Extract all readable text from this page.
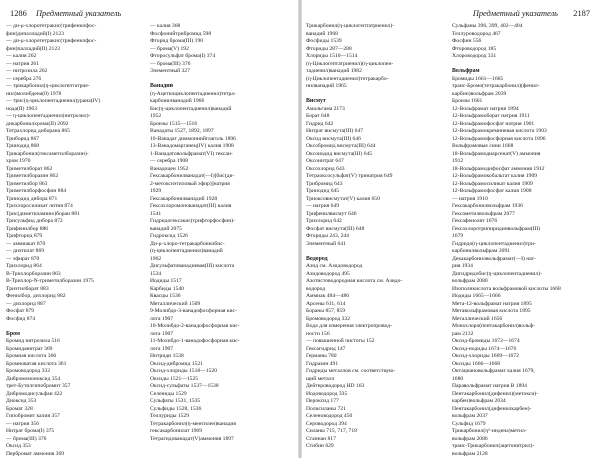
1286 Предметный указатель
— ди-μ-хлоротетракис(трифенилфос-
фин)дипалладий(I) 2123
— ди-μ-хлоротетракис(трифенилфос-
фин)палладий(II) 2123
— калия 262
— натрия 261
— нитрозила 262
— серебра 276
— трикарбонил(η-циклогептатрие-
нил)молибдена(0) 1978
— трис(η-циклопентадиенил)урана(IV)
иода(II) 1963
— η-циклопентадиенил(нитрозил)-
дикарбонилхрома(II) 2092
Тетрахлорид диборана 865
Триборид 867
Трииодид 868
Трикарбонил(гексаметилборазин)-
хром 1970
Триметилборат 862
Триметилборазин 862
Триметилбор 863
Триметилборфосфин 884
Трииодид дибора 871
Трихлоросиликат лития 874
Трис(диметиламино)боран 881
Трисульфид дибора 872
Трифенилбор 886
Трифторид 879
— аммиакат 870
— диэтилат 869
— эфират 870
Трихлорид 864
В-Трихлорборазин 863
В-Трихлор-N-триметилборазин 1975
Триэтилборат 883
Фенилбор, дихлорид 882
— дихлорид 887
Фосфат 879
Фосфид 874
Бром
Бромид нитрозила 516
Бромиданитрат 369
Бромная кислота 366
Бромноватая кислота 361
Бромоводород 332
Дибромомоноксид 354
трет-Бутилгипобромит 357
Дибромодисульфан 422
Диоксид 353
Бромат 328
Гипобромит калия 357
— натрия 356
Нитрат брома(I) 375
— брома(III) 376
Оксид 353
Пербромат аммония 369
— калия 368
Фосфонийтрибромид 598
Фторид брома(III) 190
— брома(V) 192
Фторосульфат брома(I) 374
— брома(III) 376
Элементный 327
Ванадий
(η-Ацетилциклопентадиенил)тетра-
карбонилванадий 1966
Бис(η-циклопентадиенил)ванадий
1952
Бронзы 1515—1516
Ванадаты 1527, 1892, 1897
10-Ванадат диммоннийглаголь 1896
13-Ванадомарганец(IV) калия 1908
1-Ванадатовольфрамат(VI) гексан-
— серебра 1908
Ванадоцен 1952
Гексакарбонилванадат(—I)[бис(ди-
2-метоксиэтиловый эфир)]натрия
1929
Гексакарбонилванадий 1928
Гексахлоромонованадат(III) калия
1541
Гидридогексакис(трифторфосфин)-
ванадий 2075
Гидроксид 1526
Ди-μ-хлоро-тетракарбонилбис-
(η-циклопентадиенил)ванадий
1962
Дисульфатованадиевая(III) кислота
1534
Иодиды 1517
Карбиды 1540
Квасцы 1536
Металлический 1509
9-Молибдо-3-ванадофосфорная кис-
лота 1907
10-Молибдо-2-ванадофосфорная кис-
лота 1907
11-Молибдо-1-ванадофосфорная кис-
лота 1907
Нитридн 1538
Оксид-дибромид 1521
Оксид-хлориды 1518—1520
Оксиды 1521—1525
Оксид-сульфаты 1537—1538
Селениды 1529
Сульфаты 1531, 1535
Сульфиды 1528, 1536
Теллуриды 1529
Тетракарбонил(η-ментилен)ванадия
гексакарбонилат 1969
Тетрагидованадат(V)аммония 1897
Предметный указатель 2187
Трикарбонил(η-циклогептатриенил)-
ванадий 1968
Фосфиды 1539
Фториды 287—288
Хлориды 1510—1514
(η-Циклогептатриенил)(η-циклопен-
тадиенил)ванадий 1982
(η-Циклопентадиенил)тетракарбо-
нилванадий 1965
Висмут
Амальгама 2173
Борат 648
Гидрид 642
Нитрат висмута(III) 647
Оксид висмута(III) 646
Оксобромид висмута(III) 644
Оксоиодид висмута(III) 645
Оксонитрат 647
Оксохлорид 643
Тетраоксосульфат(V) тринатрия 649
Трибромид 643
Трииодид 645
Триоксовисмутат(V) калия 650
— натрия 649
Трифенилвисмут 646
Трихлорид 642
Фосфат висмута(III) 648
Фториды 243, 244
Элементный 641
Водород
Азид см. Азидоводород
Азидоводород 495
Азотистоводородная кислота см. Азидо-
водород
Аммиак 484—486
Арсены 611, 614
Бораны 857, 859
Бромоводород 332
Вода для измерения электропровод-
ности 156
— повышенной чистоты 152
Гексагидрид 147
Германы 780
Гидразин 491
Гидриды металлов см. соответствую-
щий металл
Дейтероводород HD 163
Иодоводород 335
Пероксид 177
Полисиланы 721
Селеноводород 450
Сероводород 394
Силаны 715, 717, 718
Станнан 817
Стибин 629
Сульфаны 396, 399, 402—404
Теллуроводород 467
Фосфин 556
Фтороводород 185
Хлороводород 331
Вольфрам
Бромиды 1661—1665
транс-Бромо(тетракарбонил)(фенил-
карбин)вольфрам 2039
Бронзы 1661
12-Вольфрамат натрия 1894
12-Вольфрамоборат натрия 1911
12-Вольфрамофосфат натрия 1901
12-Вольфрамокремниевая кислота 1903
12-Вольфрамофосфорная кислота 1896
Вольфрамовые сини 1668
18-Вольфрамодиарсенат(V) аммония
1912
18-Вольфрамодифосфат аммония 1912
12-Вольфрамокобальтат калия 1909
12-Вольфрамосиликат калия 1909
12-Вольфрамофосфат калия 1908
— натрия 1910
Гексакарбонилвольфрам 1936
Гексаметилвольфрам 2077
Гексафенолят 1676
Гексахлоротрипиридинвольфрам(III)
1679
Гидридо(η-циклопентадиенил)три-
карбонилвольфрам 2091
Декакарбонилвольфрамат(—I) нат-
рия 1934
Дигидридобис(η-циклопентадиенил)-
вольфрам 2080
Изополикислота вольфрамовой кислоты 1668
Иодиды 1665—1666
Мета-12-вольфрамат натрия 1895
Метавольфрамовая кислота 1895
Металлический 1656
Монохлоро(пентакарбонил)вольф-
рам 2132
Оксид-бромиды 1672—1674
Оксид-иодиды 1674—1676
Оксид-хлориды 1669—1672
Оксиды 1666—1668
Октациановольфрамат калия 1679,
1680
Паравольфрамат натрия В 1894
Пентакарбонил(дифенил)(метокси)-
карбен)вольфрам 2034
Пентакарбонил(дифенилкарбен)-
вольфрам 2037
Сульфид 1679
Трикарбонил(η⁶-индена)метил-
вольфрам 2086
транс-Трикарбонил(ацетонитрил)-
вольфрам 2128
